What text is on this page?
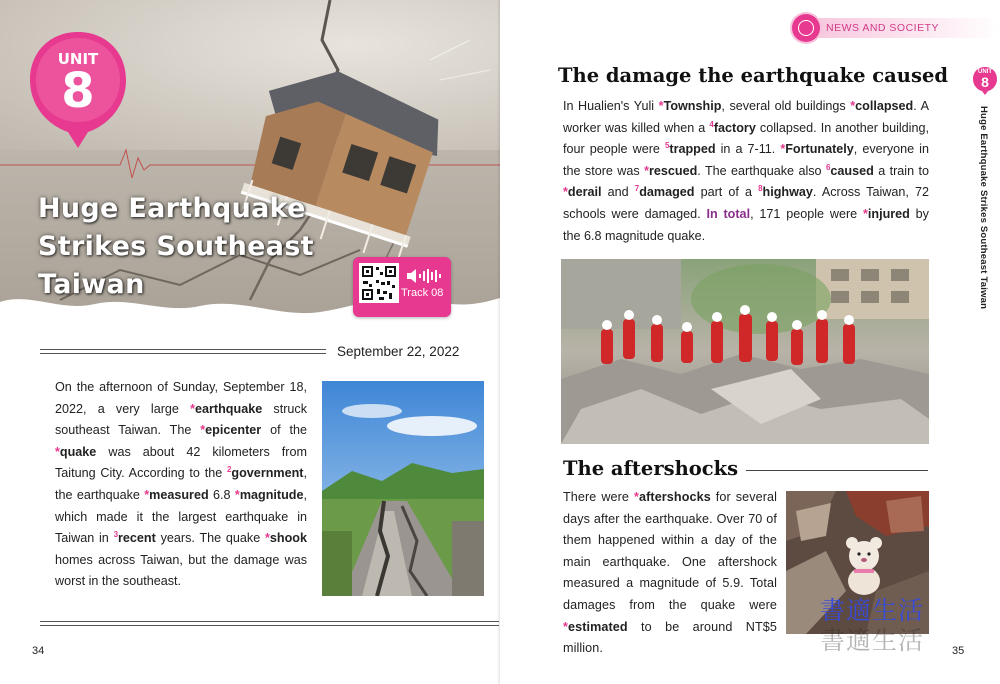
Huge Earthquake
Strikes Southeast
Taiwan
UNIT
8
Track 08
September 22, 2022

On the afternoon of Sunday, September 18, 2022, a very large *earthquake struck southeast Taiwan. The *epicenter of the *quake was about 42 kilometers from Taitung City. According to the $^2$government, the earthquake *measured 6.8 *magnitude, which made it the largest earthquake in Taiwan in $^3$recent years. The quake *shook homes across Taiwan, but the damage was worst in the southeast.

34
NEWS AND SOCIETY
UNIT
8
Huge Earthquake Strikes Southeast Taiwan
The damage the earthquake caused

In Hualien's Yuli *Township, several old buildings *collapsed. A worker was killed when a $^4$factory collapsed. In another building, four people were $^5$trapped in a 7-11. *Fortunately, everyone in the store was *rescued. The earthquake also $^6$caused a train to *derail and $^7$damaged part of a $^8$highway. Across Taiwan, 72 schools were damaged. In total, 171 people were *injured by the 6.8 magnitude quake.

The aftershocks

There were *aftershocks for several days after the earthquake. Over 70 of them happened within a day of the main earthquake. One aftershock measured a magnitude of 5.9. Total damages from the quake were *estimated to be around NT$5 million.	35
書適生活
書適生活
